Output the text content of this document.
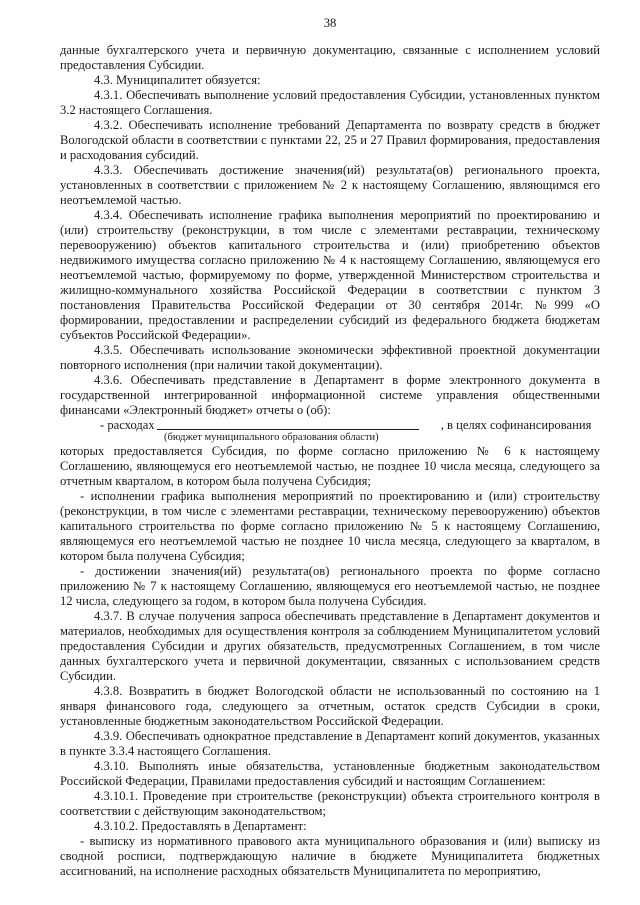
38

данные бухгалтерского учета и первичную документацию, связанные с исполнением условий предоставления Субсидии.

4.3. Муниципалитет обязуется:

4.3.1. Обеспечивать выполнение условий предоставления Субсидии, установленных пунктом 3.2 настоящего Соглашения.

4.3.2. Обеспечивать исполнение требований Департамента по возврату средств в бюджет Вологодской области в соответствии с пунктами 22, 25 и 27 Правил формирования, предоставления и расходования субсидий.

4.3.3. Обеспечивать достижение значения(ий) результата(ов) регионального проекта, установленных в соответствии с приложением № 2 к настоящему Соглашению, являющимся его неотъемлемой частью.

4.3.4. Обеспечивать исполнение графика выполнения мероприятий по проектированию и (или) строительству (реконструкции, в том числе с элементами реставрации, техническому перевооружению) объектов капитального строительства и (или) приобретению объектов недвижимого имущества согласно приложению № 4 к настоящему Соглашению, являющемуся его неотъемлемой частью, формируемому по форме, утвержденной Министерством строительства и жилищно-коммунального хозяйства Российской Федерации в соответствии с пунктом 3 постановления Правительства Российской Федерации от 30 сентября 2014г. №999 «О формировании, предоставлении и распределении субсидий из федерального бюджета бюджетам субъектов Российской Федерации».

4.3.5. Обеспечивать использование экономически эффективной проектной документации повторного исполнения (при наличии такой документации).

4.3.6. Обеспечивать представление в Департамент в форме электронного документа в государственной интегрированной информационной системе управления общественными финансами «Электронный бюджет» отчеты о (об):

- расходах	, в целях софинансирования
(бюджет муниципального образования области)

которых предоставляется Субсидия, по форме согласно приложению № 6 к настоящему Соглашению, являющемуся его неотъемлемой частью, не позднее 10 числа месяца, следующего за отчетным кварталом, в котором была получена Субсидия;

- исполнении графика выполнения мероприятий по проектированию и (или) строительству (реконструкции, в том числе с элементами реставрации, техническому перевооружению) объектов капитального строительства по форме согласно приложению № 5 к настоящему Соглашению, являющемуся его неотъемлемой частью не позднее 10 числа месяца, следующего за кварталом, в котором была получена Субсидия;

- достижении значения(ий) результата(ов) регионального проекта по форме согласно приложению № 7 к настоящему Соглашению, являющемуся его неотъемлемой частью, не позднее 12 числа, следующего за годом, в котором была получена Субсидия.

4.3.7. В случае получения запроса обеспечивать представление в Департамент документов и материалов, необходимых для осуществления контроля за соблюдением Муниципалитетом условий предоставления Субсидии и других обязательств, предусмотренных Соглашением, в том числе данных бухгалтерского учета и первичной документации, связанных с использованием средств Субсидии.

4.3.8. Возвратить в бюджет Вологодской области не использованный по состоянию на 1 января финансового года, следующего за отчетным, остаток средств Субсидии в сроки, установленные бюджетным законодательством Российской Федерации.

4.3.9. Обеспечивать однократное представление в Департамент копий документов, указанных в пункте 3.3.4 настоящего Соглашения.

4.3.10. Выполнять иные обязательства, установленные бюджетным законодательством Российской Федерации, Правилами предоставления субсидий и настоящим Соглашением:

4.3.10.1. Проведение при строительстве (реконструкции) объекта строительного контроля в соответствии с действующим законодательством;

4.3.10.2. Предоставлять в Департамент:

- выписку из нормативного правового акта муниципального образования и (или) выписку из сводной росписи, подтверждающую наличие в бюджете Муниципалитета бюджетных ассигнований, на исполнение расходных обязательств Муниципалитета по мероприятию,
